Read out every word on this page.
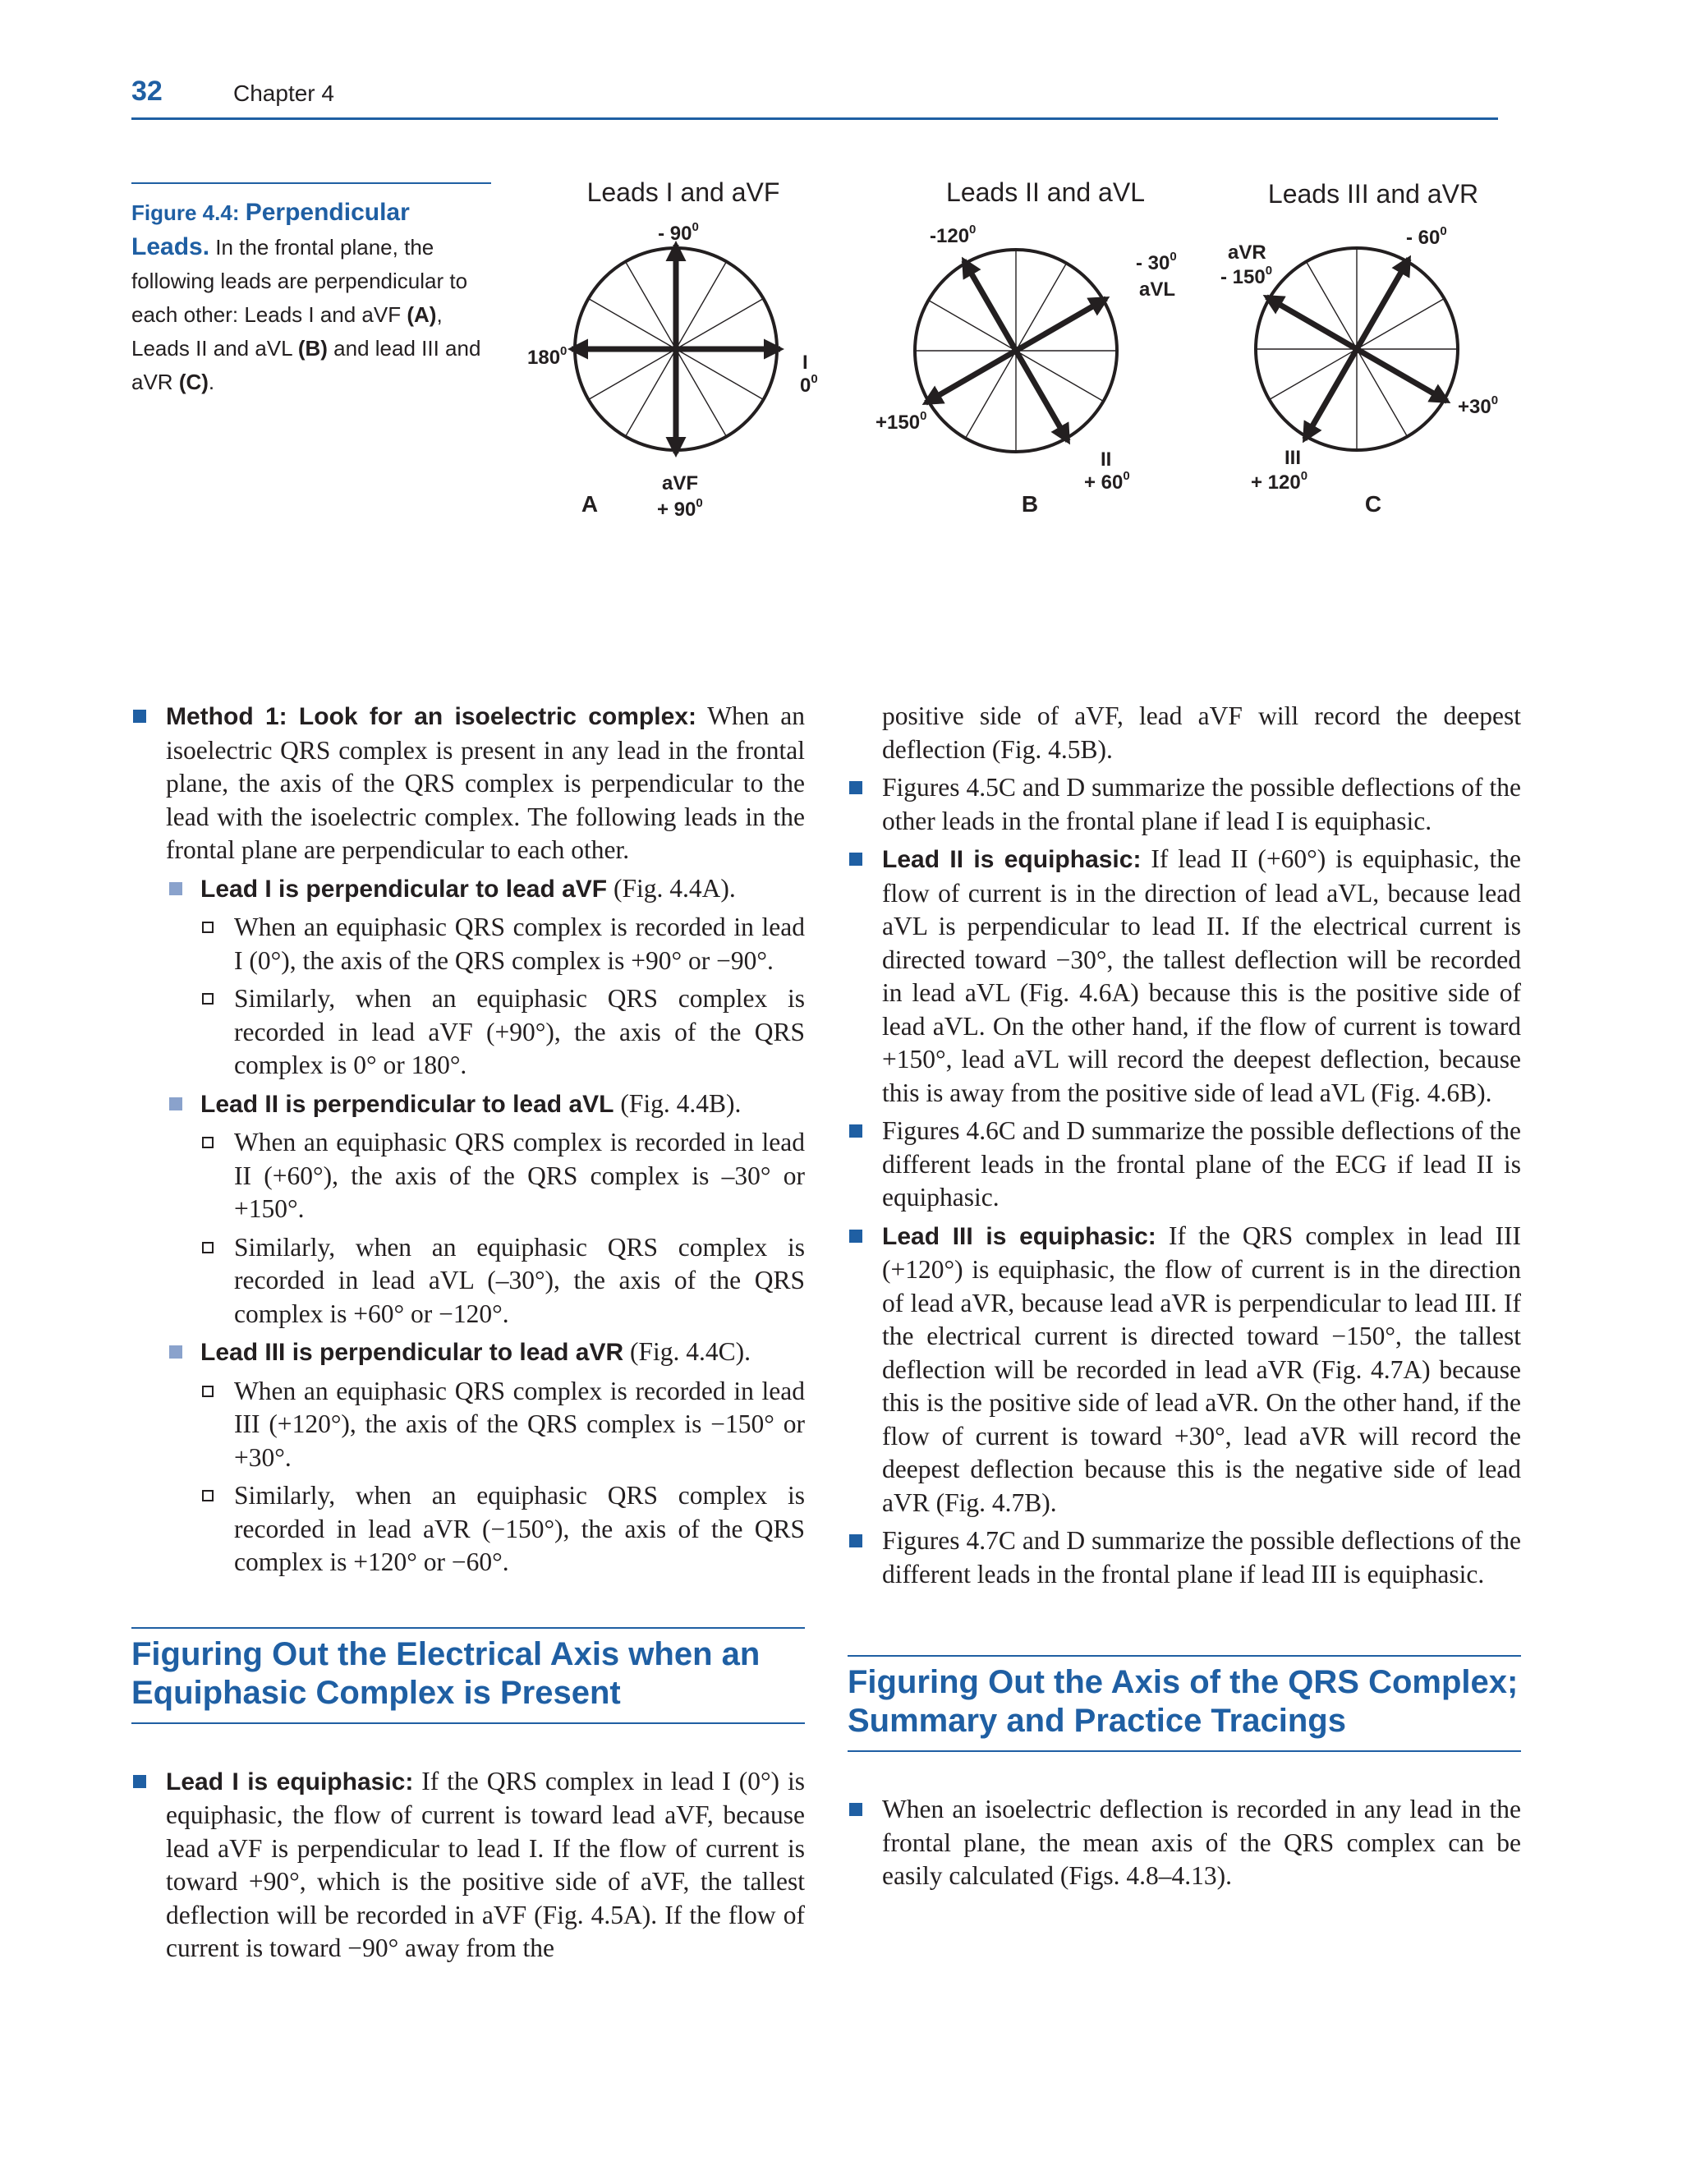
32	Chapter 4
Figure 4.4: Perpendicular Leads. In the frontal plane, the following leads are perpendicular to each other: Leads I and aVF (A), Leads II and aVL (B) and lead III and aVR (C).
Leads I and aVF
- $90^0$
$180^0$
I
$0^0$
aVF
+ $90^0$
A
Leads II and aVL
$-120^0$
- $30^0$
aVL
$+150^0$
II
+ $60^0$
B
Leads III and aVR
aVR
- $150^0$
- $60^0$
$+30^0$
III
+ $120^0$
C
Method 1: Look for an isoelectric complex: When an isoelectric QRS complex is present in any lead in the frontal plane, the axis of the QRS complex is perpendicular to the lead with the isoelectric complex. The following leads in the frontal plane are perpendicular to each other.
Lead I is perpendicular to lead aVF (Fig. 4.4A).
When an equiphasic QRS complex is recorded in lead I (0°), the axis of the QRS complex is +90° or −90°.
Similarly, when an equiphasic QRS complex is recorded in lead aVF (+90°), the axis of the QRS complex is 0° or 180°.
Lead II is perpendicular to lead aVL (Fig. 4.4B).
When an equiphasic QRS complex is recorded in lead II (+60°), the axis of the QRS complex is –30° or +150°.
Similarly, when an equiphasic QRS complex is recorded in lead aVL (–30°), the axis of the QRS complex is +60° or −120°.
Lead III is perpendicular to lead aVR (Fig. 4.4C).
When an equiphasic QRS complex is recorded in lead III (+120°), the axis of the QRS complex is −150° or +30°.
Similarly, when an equiphasic QRS complex is recorded in lead aVR (−150°), the axis of the QRS complex is +120° or −60°.
Figuring Out the Electrical Axis when an Equiphasic Complex is Present
Lead I is equiphasic: If the QRS complex in lead I (0°) is equiphasic, the flow of current is toward lead aVF, because lead aVF is perpendicular to lead I. If the flow of current is toward +90°, which is the positive side of aVF, the tallest deflection will be recorded in aVF (Fig. 4.5A). If the flow of current is toward −90° away from the
positive side of aVF, lead aVF will record the deepest deflection (Fig. 4.5B).
Figures 4.5C and D summarize the possible deflections of the other leads in the frontal plane if lead I is equiphasic.
Lead II is equiphasic: If lead II (+60°) is equiphasic, the flow of current is in the direction of lead aVL, because lead aVL is perpendicular to lead II. If the electrical current is directed toward −30°, the tallest deflection will be recorded in lead aVL (Fig. 4.6A) because this is the positive side of lead aVL. On the other hand, if the flow of current is toward +150°, lead aVL will record the deepest deflection, because this is away from the positive side of lead aVL (Fig. 4.6B).
Figures 4.6C and D summarize the possible deflections of the different leads in the frontal plane of the ECG if lead II is equiphasic.
Lead III is equiphasic: If the QRS complex in lead III (+120°) is equiphasic, the flow of current is in the direction of lead aVR, because lead aVR is perpendicular to lead III. If the electrical current is directed toward −150°, the tallest deflection will be recorded in lead aVR (Fig. 4.7A) because this is the positive side of lead aVR. On the other hand, if the flow of current is toward +30°, lead aVR will record the deepest deflection because this is the negative side of lead aVR (Fig. 4.7B).
Figures 4.7C and D summarize the possible deflections of the different leads in the frontal plane if lead III is equiphasic.
Figuring Out the Axis of the QRS Complex; Summary and Practice Tracings
When an isoelectric deflection is recorded in any lead in the frontal plane, the mean axis of the QRS complex can be easily calculated (Figs. 4.8–4.13).
